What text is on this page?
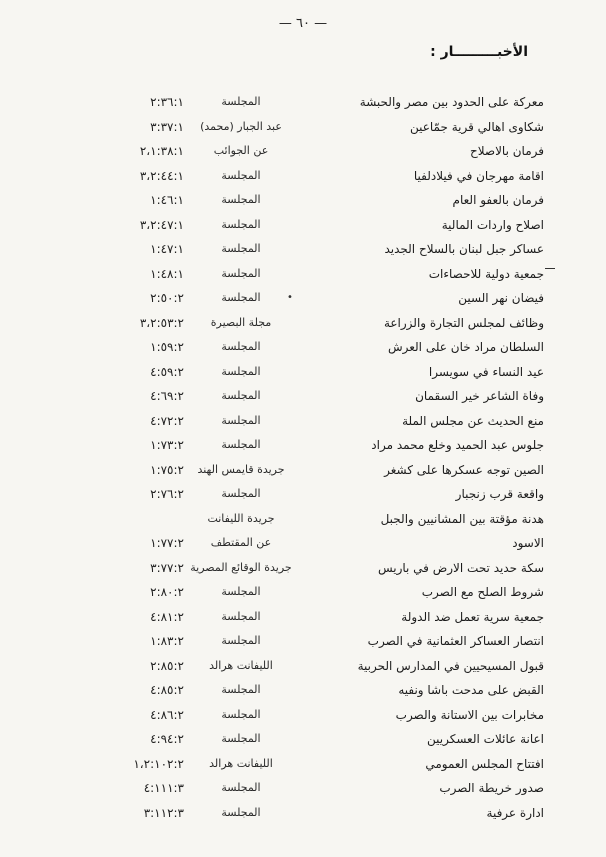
— ٦٠ —
الأخبـــــــــار :
•
معركة على الحدود بين مصر والحبشة
المجلسة
٢:٣٦:١
شكاوى اهالي قرية جمّاعين
عبد الجبار (محمد)
٣:٣٧:١
فرمان بالاصلاح
عن الجوائب
٢،١:٣٨:١
اقامة مهرجان في فيلادلفيا
المجلسة
٣،٢:٤٤:١
فرمان بالعفو العام
المجلسة
١:٤٦:١
اصلاح واردات المالية
المجلسة
٣،٢:٤٧:١
عساكر جبل لبنان بالسلاح الجديد
المجلسة
١:٤٧:١
جمعية دولية للاحصاءات
المجلسة
١:٤٨:١
فيضان نهر السين
المجلسة
٢:٥٠:٢
وظائف لمجلس التجارة والزراعة
مجلة البصيرة
٣،٢:٥٣:٢
السلطان مراد خان على العرش
المجلسة
١:٥٩:٢
عيد النساء في سويسرا
المجلسة
٤:٥٩:٢
وفاة الشاعر خير السقمان
المجلسة
٤:٦٩:٢
منع الحديث عن مجلس الملة
المجلسة
٤:٧٢:٢
جلوس عبد الحميد وخلع محمد مراد
المجلسة
١:٧٣:٢
الصين توجه عسكرها على كشغر
جريدة قايمس الهند
١:٧٥:٢
واقعة قرب زنجبار
المجلسة
٢:٧٦:٢
هدنة مؤقتة بين المشانيين والجبل
جريدة الليفانت
الاسود
عن المقتطف
١:٧٧:٢
سكة حديد تحت الارض في باريس
جريدة الوقائع المصرية
٣:٧٧:٢
شروط الصلح مع الصرب
المجلسة
٢:٨٠:٢
جمعية سرية تعمل ضد الدولة
المجلسة
٤:٨١:٢
انتصار العساكر العثمانية في الصرب
المجلسة
١:٨٣:٢
قبول المسيحيين في المدارس الحربية
الليفانت هرالد
٢:٨٥:٢
القبض على مدحت باشا ونفيه
المجلسة
٤:٨٥:٢
مخابرات بين الاستانة والصرب
المجلسة
٤:٨٦:٢
اعانة عائلات العسكريين
المجلسة
٤:٩٤:٢
افتتاح المجلس العمومي
الليفانت هرالد
١،٢:١٠٢:٢
صدور خريطة الصرب
المجلسة
٤:١١١:٣
ادارة عرفية
المجلسة
٣:١١٢:٣
